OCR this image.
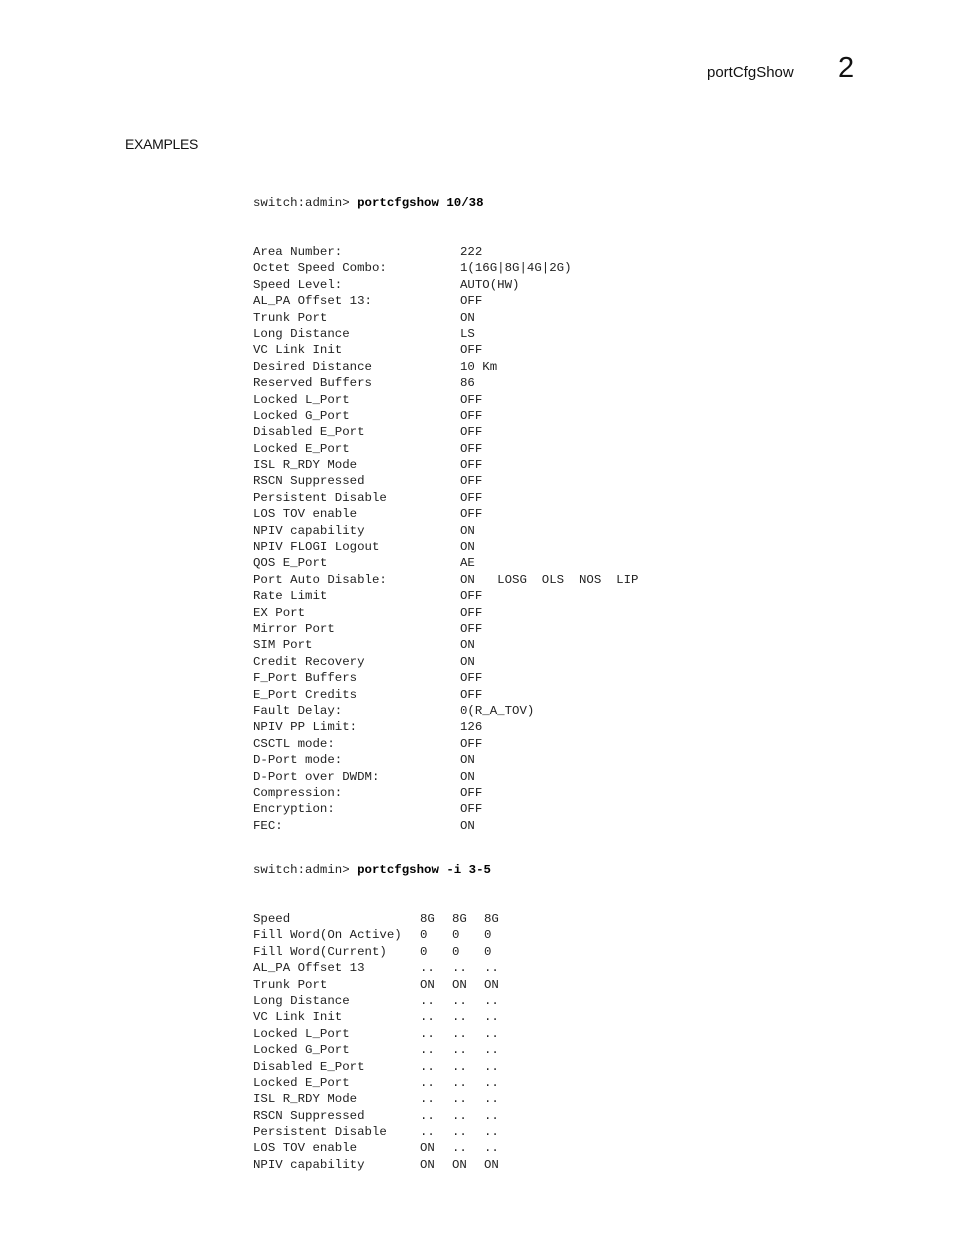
portCfgShow 2
EXAMPLES

switch:admin> portcfgshow 10/38

Area Number:	222
Octet Speed Combo:	1(16G|8G|4G|2G)
Speed Level:	AUTO(HW)
AL_PA Offset 13:	OFF
Trunk Port	ON
Long Distance	LS
VC Link Init	OFF
Desired Distance	10 Km
Reserved Buffers	86
Locked L_Port	OFF
Locked G_Port	OFF
Disabled E_Port	OFF
Locked E_Port	OFF
ISL R_RDY Mode	OFF
RSCN Suppressed	OFF
Persistent Disable	OFF
LOS TOV enable	OFF
NPIV capability	ON
NPIV FLOGI Logout	ON
QOS E_Port	AE
Port Auto Disable:	ON   LOSG  OLS  NOS  LIP
Rate Limit	OFF
EX Port	OFF
Mirror Port	OFF
SIM Port	ON
Credit Recovery	ON
F_Port Buffers	OFF
E_Port Credits	OFF
Fault Delay:	0(R_A_TOV)
NPIV PP Limit:	126
CSCTL mode:	OFF
D-Port mode:	ON
D-Port over DWDM:	ON
Compression:	OFF
Encryption:	OFF
FEC:	ON

switch:admin> portcfgshow -i 3-5

Speed	8G	8G	8G
Fill Word(On Active)	0	0	0
Fill Word(Current)	0	0	0
AL_PA Offset 13	..	..	..
Trunk Port	ON	ON	ON
Long Distance	..	..	..
VC Link Init	..	..	..
Locked L_Port	..	..	..
Locked G_Port	..	..	..
Disabled E_Port	..	..	..
Locked E_Port	..	..	..
ISL R_RDY Mode	..	..	..
RSCN Suppressed	..	..	..
Persistent Disable	..	..	..
LOS TOV enable	ON	..	..
NPIV capability	ON	ON	ON
